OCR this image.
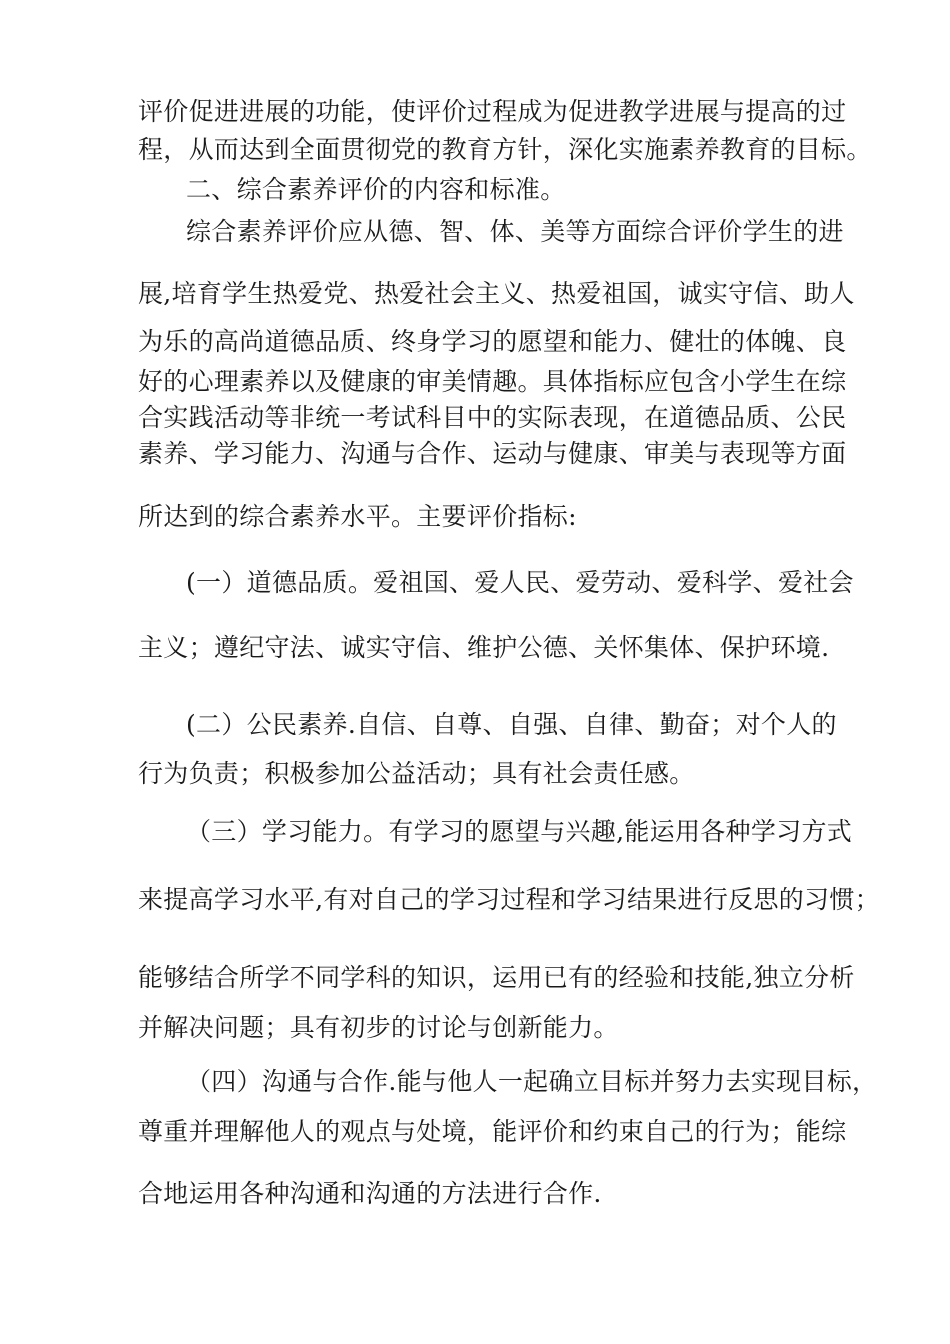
评价促进进展的功能，使评价过程成为促进教学进展与提高的过
程，从而达到全面贯彻党的教育方针，深化实施素养教育的目标。
二、综合素养评价的内容和标准。
综合素养评价应从德、智、体、美等方面综合评价学生的进
展,培育学生热爱党、热爱社会主义、热爱祖国，诚实守信、助人
为乐的高尚道德品质、终身学习的愿望和能力、健壮的体魄、良
好的心理素养以及健康的审美情趣。具体指标应包含小学生在综
合实践活动等非统一考试科目中的实际表现，在道德品质、公民
素养、学习能力、沟通与合作、运动与健康、审美与表现等方面
所达到的综合素养水平。主要评价指标:
(一）道德品质。爱祖国、爱人民、爱劳动、爱科学、爱社会
主义；遵纪守法、诚实守信、维护公德、关怀集体、保护环境.
(二）公民素养.自信、自尊、自强、自律、勤奋；对个人的
行为负责；积极参加公益活动；具有社会责任感。
（三）学习能力。有学习的愿望与兴趣,能运用各种学习方式
来提高学习水平,有对自己的学习过程和学习结果进行反思的习惯；
能够结合所学不同学科的知识，运用已有的经验和技能,独立分析
并解决问题；具有初步的讨论与创新能力。
（四）沟通与合作.能与他人一起确立目标并努力去实现目标，
尊重并理解他人的观点与处境，能评价和约束自己的行为；能综
合地运用各种沟通和沟通的方法进行合作.
